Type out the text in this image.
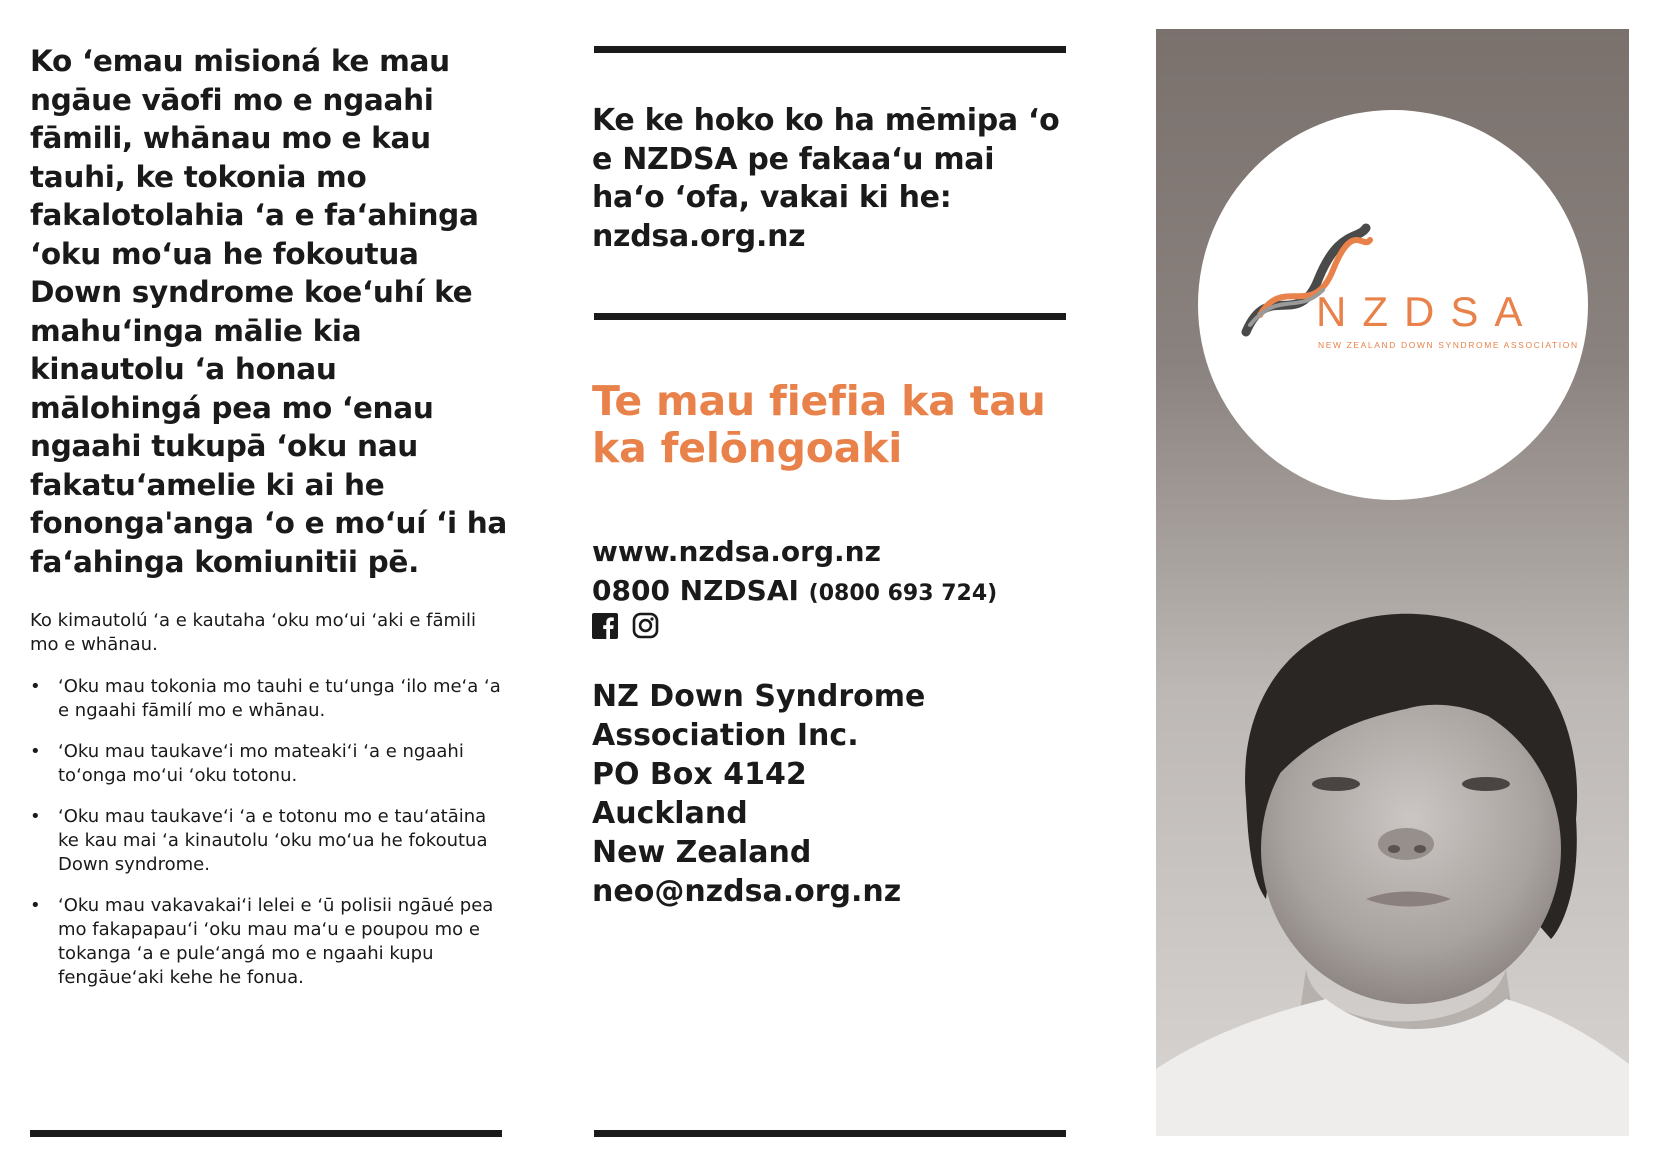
Ko ʻemau misioná ke mau ngāue vāofi mo e ngaahi fāmili, whānau mo e kau tauhi, ke tokonia mo fakalotolahia ʻa e faʻahinga ʻoku moʻua he fokoutua Down syndrome koeʻuhí ke mahuʻinga mālie kia kinautolu ʻa honau mālohingá pea mo ʻenau ngaahi tukupā ʻoku nau fakatuʻamelie ki ai he fononga'anga ʻo e moʻuí ʻi ha faʻahinga komiunitii pē.

Ko kimautolú ʻa e kautaha ʻoku moʻui ʻaki e fāmili mo e whānau.

• ʻOku mau tokonia mo tauhi e tuʻunga ʻilo meʻa ʻa e ngaahi fāmilí mo e whānau.
• ʻOku mau taukaveʻi mo mateakiʻi ʻa e ngaahi toʻonga moʻui ʻoku totonu.
• ʻOku mau taukaveʻi ʻa e totonu mo e tauʻatāina ke kau mai ʻa kinautolu ʻoku moʻua he fokoutua Down syndrome.
• ʻOku mau vakavakaiʻi lelei e ʻū polisii ngāué pea mo fakapapauʻi ʻoku mau maʻu e poupou mo e tokanga ʻa e puleʻangá mo e ngaahi kupu fengāueʻaki kehe he fonua.
Ke ke hoko ko ha mēmipa ʻo e NZDSA pe fakaaʻu mai haʻo ʻofa, vakai ki he: nzdsa.org.nz
Te mau fiefia ka tau ka felōngoaki
www.nzdsa.org.nz
0800 NZDSAI (0800 693 724)
NZ Down Syndrome
Association Inc.
PO Box 4142
Auckland
New Zealand
neo@nzdsa.org.nz
NZDSA
NEW ZEALAND DOWN SYNDROME ASSOCIATION
